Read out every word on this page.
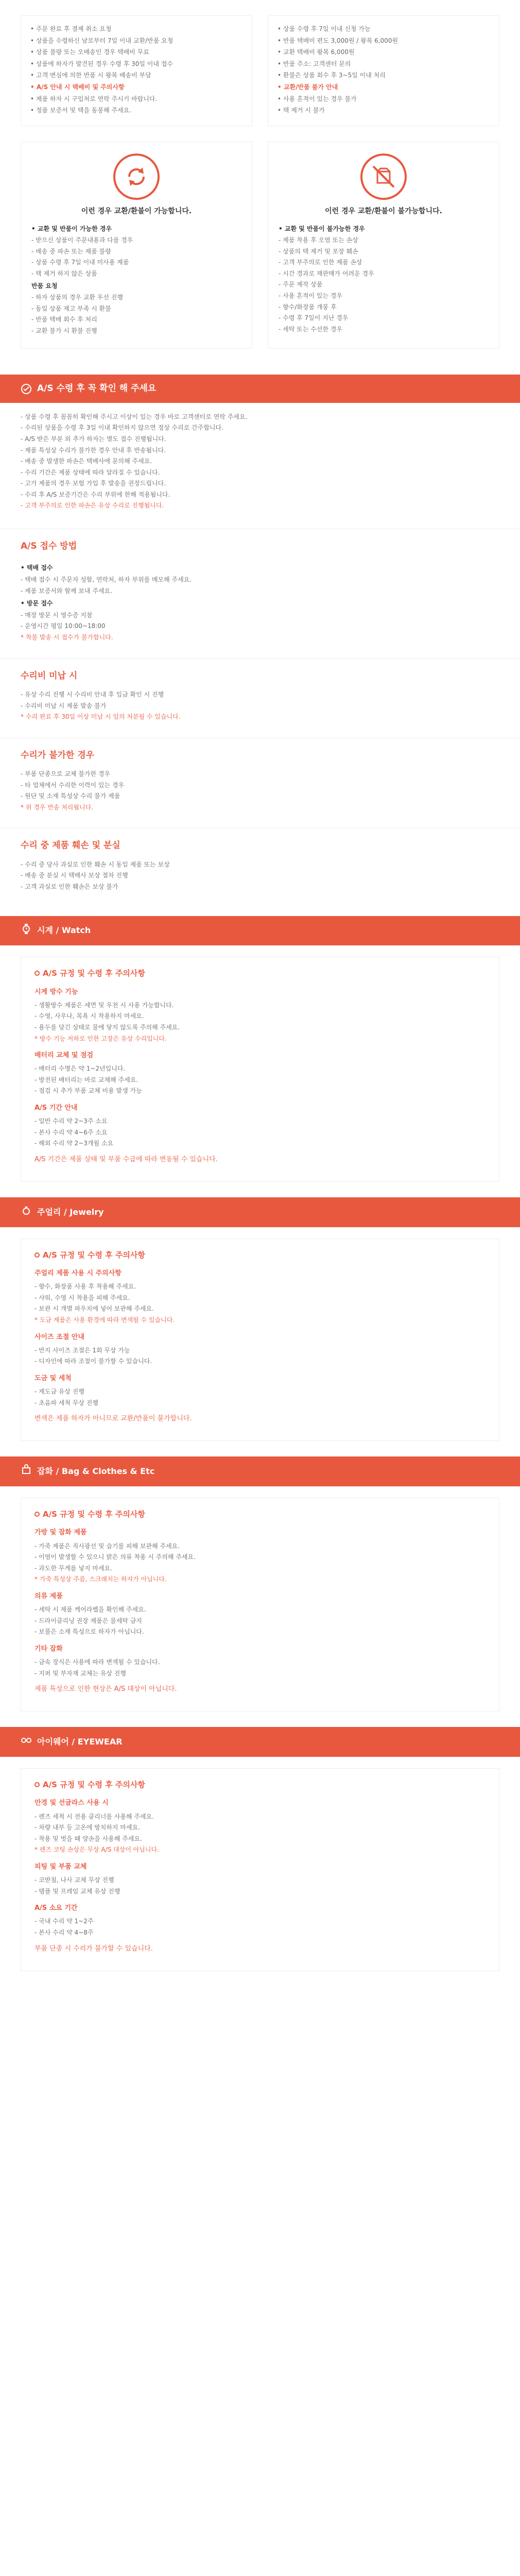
• 주문 완료 후 결제 취소 요청

• 상품을 수령하신 날로부터 7일 이내 교환/반품 요청

• 상품 불량 또는 오배송인 경우 택배비 무료

• 상품에 하자가 발견된 경우 수령 후 30일 이내 접수

• 고객 변심에 의한 반품 시 왕복 배송비 부담

• A/S 안내 시 택배비 및 주의사항

• 제품 하자 시 구입처로 연락 주시기 바랍니다.

• 정품 보증서 및 택을 동봉해 주세요.

• 상품 수령 후 7일 이내 신청 가능

• 반품 택배비 편도 3,000원 / 왕복 6,000원

• 교환 택배비 왕복 6,000원

• 반품 주소: 고객센터 문의

• 환불은 상품 회수 후 3~5일 이내 처리

• 교환/반품 불가 안내

• 사용 흔적이 있는 경우 불가

• 택 제거 시 불가

이런 경우 교환/환불이 가능합니다.
• 교환 및 반품이 가능한 경우
- 받으신 상품이 주문내용과 다를 경우
- 배송 중 파손 또는 제품 불량
- 상품 수령 후 7일 이내 미사용 제품
- 택 제거 하지 않은 상품
반품 요청
- 하자 상품의 경우 교환 우선 진행
- 동일 상품 재고 부족 시 환불
- 반품 택배 회수 후 처리
- 교환 불가 시 환불 진행
이런 경우 교환/환불이 불가능합니다.
• 교환 및 반품이 불가능한 경우
- 제품 착용 후 오염 또는 손상
- 상품의 택 제거 및 포장 훼손
- 고객 부주의로 인한 제품 손상
- 시간 경과로 재판매가 어려운 경우
- 주문 제작 상품
- 사용 흔적이 있는 경우
- 향수/화장품 개봉 후
- 수령 후 7일이 지난 경우
- 세탁 또는 수선한 경우
A/S 수령 후 꼭 확인 해 주세요

- 상품 수령 후 꼼꼼히 확인해 주시고 이상이 있는 경우 바로 고객센터로 연락 주세요.

- 수리된 상품을 수령 후 3일 이내 확인하지 않으면 정상 수리로 간주합니다.

- A/S 받은 부분 외 추가 하자는 별도 접수 진행됩니다.

- 제품 특성상 수리가 불가한 경우 안내 후 반송됩니다.

- 배송 중 발생한 파손은 택배사에 문의해 주세요.

- 수리 기간은 제품 상태에 따라 달라질 수 있습니다.

- 고가 제품의 경우 보험 가입 후 발송을 권장드립니다.

- 수리 후 A/S 보증기간은 수리 부위에 한해 적용됩니다.

- 고객 부주의로 인한 파손은 유상 수리로 진행됩니다.

A/S 접수 방법

• 택배 접수

- 택배 접수 시 주문자 성함, 연락처, 하자 부위를 메모해 주세요.

- 제품 보증서와 함께 보내 주세요.

• 방문 접수

- 매장 방문 시 영수증 지참

- 운영시간 평일 10:00~18:00

* 착불 발송 시 접수가 불가합니다.

수리비 미납 시

- 유상 수리 진행 시 수리비 안내 후 입금 확인 시 진행

- 수리비 미납 시 제품 발송 불가

* 수리 완료 후 30일 이상 미납 시 임의 처분될 수 있습니다.

수리가 불가한 경우

- 부품 단종으로 교체 불가한 경우

- 타 업체에서 수리한 이력이 있는 경우

- 원단 및 소재 특성상 수리 불가 제품

* 위 경우 반송 처리됩니다.

수리 중 제품 훼손 및 분실

- 수리 중 당사 과실로 인한 훼손 시 동일 제품 또는 보상

- 배송 중 분실 시 택배사 보상 절차 진행

- 고객 과실로 인한 훼손은 보상 불가

시계 / Watch
A/S 규정 및 수령 후 주의사항
시계 방수 기능

- 생활방수 제품은 세면 및 우천 시 사용 가능합니다.

- 수영, 사우나, 목욕 시 착용하지 마세요.

- 용두를 당긴 상태로 물에 닿지 않도록 주의해 주세요.

* 방수 기능 저하로 인한 고장은 유상 수리입니다.

배터리 교체 및 점검

- 배터리 수명은 약 1~2년입니다.

- 방전된 배터리는 바로 교체해 주세요.

- 점검 시 추가 부품 교체 비용 발생 가능

A/S 기간 안내

- 일반 수리 약 2~3주 소요

- 본사 수리 약 4~6주 소요

- 해외 수리 약 2~3개월 소요

A/S 기간은 제품 상태 및 부품 수급에 따라 변동될 수 있습니다.

주얼리 / Jewelry
A/S 규정 및 수령 후 주의사항
주얼리 제품 사용 시 주의사항

- 향수, 화장품 사용 후 착용해 주세요.

- 샤워, 수영 시 착용을 피해 주세요.

- 보관 시 개별 파우치에 넣어 보관해 주세요.

* 도금 제품은 사용 환경에 따라 변색될 수 있습니다.

사이즈 조절 안내

- 반지 사이즈 조절은 1회 무상 가능

- 디자인에 따라 조절이 불가할 수 있습니다.

도금 및 세척

- 재도금 유상 진행

- 초음파 세척 무상 진행

변색은 제품 하자가 아니므로 교환/반품이 불가합니다.

잡화 / Bag & Clothes & Etc
A/S 규정 및 수령 후 주의사항
가방 및 잡화 제품

- 가죽 제품은 직사광선 및 습기를 피해 보관해 주세요.

- 이염이 발생할 수 있으니 밝은 의류 착용 시 주의해 주세요.

- 과도한 무게를 넣지 마세요.

* 가죽 특성상 주름, 스크래치는 하자가 아닙니다.

의류 제품

- 세탁 시 제품 케어라벨을 확인해 주세요.

- 드라이클리닝 권장 제품은 물세탁 금지

- 보풀은 소재 특성으로 하자가 아닙니다.

기타 잡화

- 금속 장식은 사용에 따라 변색될 수 있습니다.

- 지퍼 및 부자재 교체는 유상 진행

제품 특성으로 인한 현상은 A/S 대상이 아닙니다.

아이웨어 / EYEWEAR
A/S 규정 및 수령 후 주의사항
안경 및 선글라스 사용 시

- 렌즈 세척 시 전용 클리너를 사용해 주세요.

- 차량 내부 등 고온에 방치하지 마세요.

- 착용 및 벗을 때 양손을 사용해 주세요.

* 렌즈 코팅 손상은 무상 A/S 대상이 아닙니다.

피팅 및 부품 교체

- 코받침, 나사 교체 무상 진행

- 템플 및 프레임 교체 유상 진행

A/S 소요 기간

- 국내 수리 약 1~2주

- 본사 수리 약 4~8주

부품 단종 시 수리가 불가할 수 있습니다.
